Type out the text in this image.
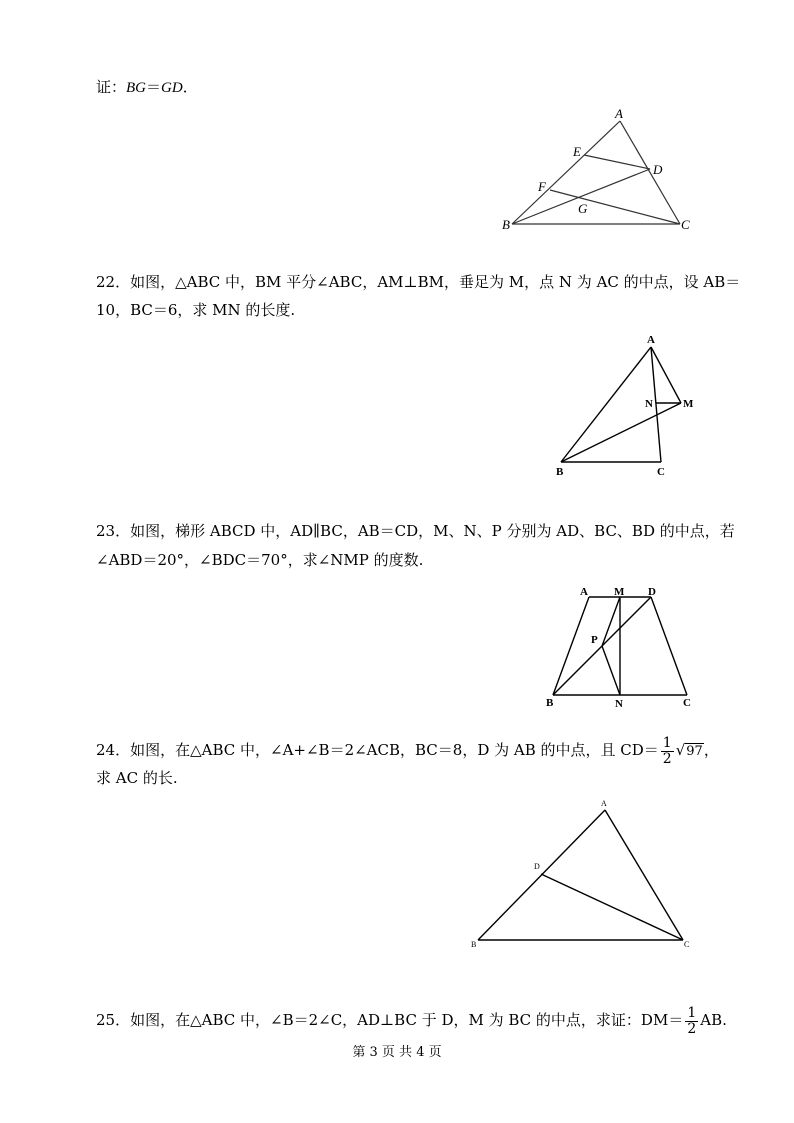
证：BG＝GD．
A
B	C
D
E
F
G
A
B	C
M
N
A
B	C
D
M
N
P
A
B	C
D
22．如图，△ABC 中，BM 平分∠ABC，AM⊥BM，垂足为 M，点 N 为 AC 的中点，设 AB＝
10，BC＝6，求 MN 的长度.
23．如图，梯形 ABCD 中，AD∥BC，AB＝CD，M、N、P 分别为 AD、BC、BD 的中点，若
∠ABD＝20°，∠BDC＝70°，求∠NMP 的度数.
24．如图，在△ABC 中，∠A+∠B＝2∠ACB，BC＝8，D 为 AB 的中点，且 $CD= \frac{1}{2} √97$，
求 AC 的长.
25．如图，在△ABC 中，∠B＝2∠C，AD⊥BC 于 D，M 为 BC 的中点，求证：$DM= \frac{1}{2}$ AB.
第 3 页 共 4 页
